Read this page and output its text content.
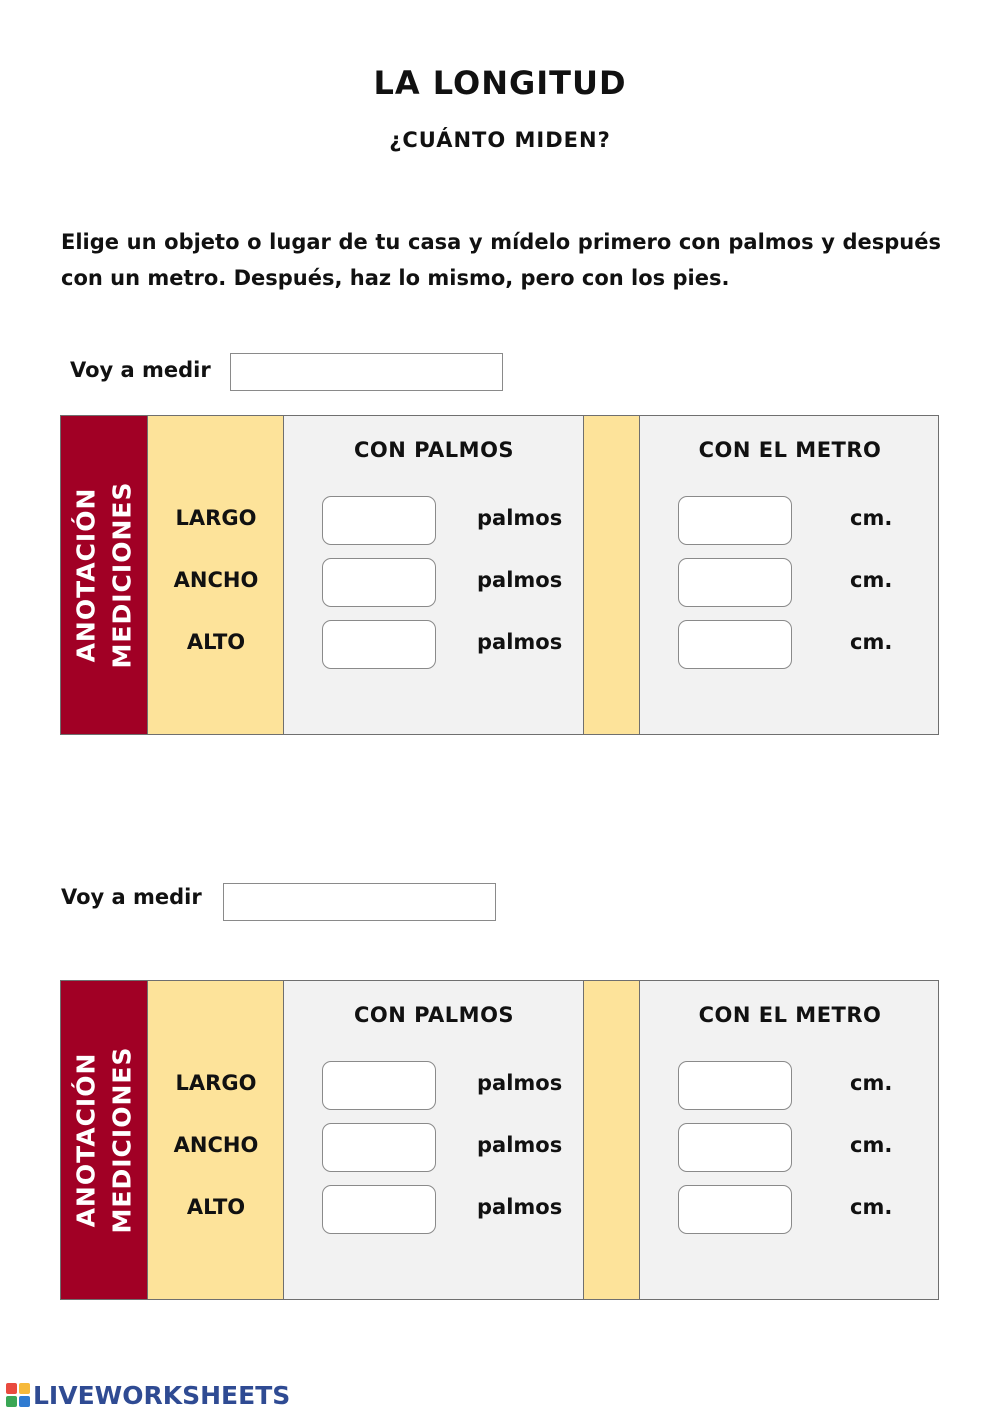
LA LONGITUD
¿CUÁNTO MIDEN?
Elige un objeto o lugar de tu casa y mídelo primero con palmos y después con un metro. Después, haz lo mismo, pero con los pies.
Voy a medir
ANOTACIÓN MEDICIONES
CON PALMOS	CON EL METRO
LARGO	palmos	cm.
ANCHO	palmos	cm.
ALTO	palmos	cm.
Voy a medir
ANOTACIÓN MEDICIONES
CON PALMOS	CON EL METRO
LARGO	palmos	cm.
ANCHO	palmos	cm.
ALTO	palmos	cm.
LIVEWORKSHEETS
